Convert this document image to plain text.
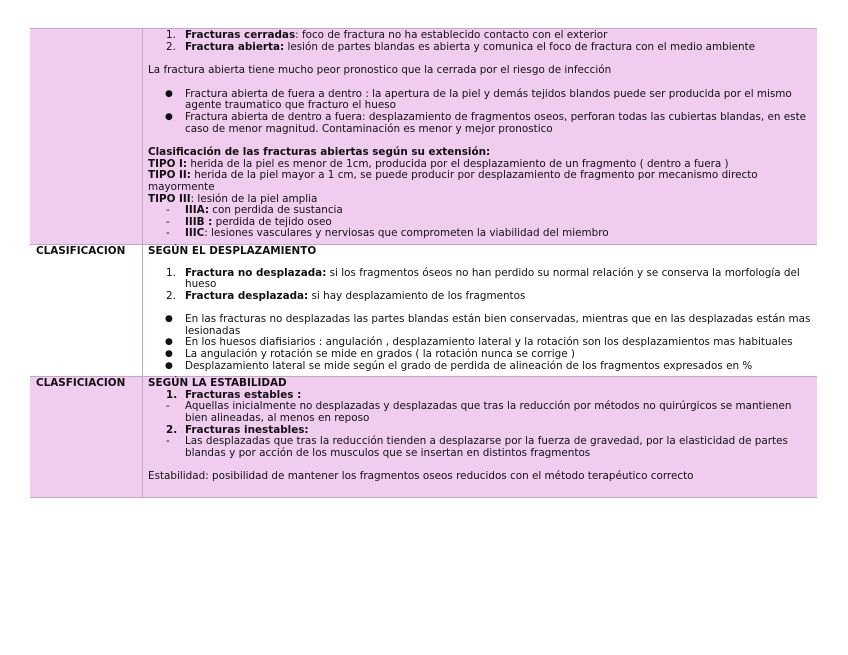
1. Fracturas cerradas: foco de fractura no ha establecido contacto con el exterior
2. Fractura abierta: lesión de partes blandas es abierta y comunica el foco de fractura con el medio ambiente

La fractura abierta tiene mucho peor pronostico que la cerrada por el riesgo de infección

● Fractura abierta de fuera a dentro : la apertura de la piel y demás tejidos blandos puede ser producida por el mismo agente traumatico que fracturo el hueso
● Fractura abierta de dentro a fuera: desplazamiento de fragmentos oseos, perforan todas las cubiertas blandas, en este caso de menor magnitud. Contaminación es menor y mejor pronostico

Clasificación de las fracturas abiertas según su extensión:

TIPO I: herida de la piel es menor de 1cm, producida por el desplazamiento de un fragmento ( dentro a fuera )

TIPO II: herida de la piel mayor a 1 cm, se puede producir por desplazamiento de fragmento por mecanismo directo mayormente

TIPO III: lesión de la piel amplia

- IIIA: con perdida de sustancia
- IIIB : perdida de tejido oseo
- IIIC: lesiones vasculares y nerviosas que comprometen la viabilidad del miembro
CLASIFICACION	SEGÚN EL DESPLAZAMIENTO

1. Fractura no desplazada: si los fragmentos óseos no han perdido su normal relación y se conserva la morfología del hueso
2. Fractura desplazada: si hay desplazamiento de los fragmentos
● En las fracturas no desplazadas las partes blandas están bien conservadas, mientras que en las desplazadas están mas lesionadas
● En los huesos diafisiarios : angulación , desplazamiento lateral y la rotación son los desplazamientos mas habituales
● La angulación y rotación se mide en grados ( la rotación nunca se corrige )
● Desplazamiento lateral se mide según el grado de perdida de alineación de los fragmentos expresados en %
CLASFICIACION	SEGÚN LA ESTABILIDAD

1. Fracturas estables :
- Aquellas inicialmente no desplazadas y desplazadas que tras la reducción por métodos no quirúrgicos se mantienen bien alineadas, al menos en reposo
2. Fracturas inestables:
- Las desplazadas que tras la reducción tienden a desplazarse por la fuerza de gravedad, por la elasticidad de partes blandas y por acción de los musculos que se insertan en distintos fragmentos

Estabilidad: posibilidad de mantener los fragmentos oseos reducidos con el método terapéutico correcto
